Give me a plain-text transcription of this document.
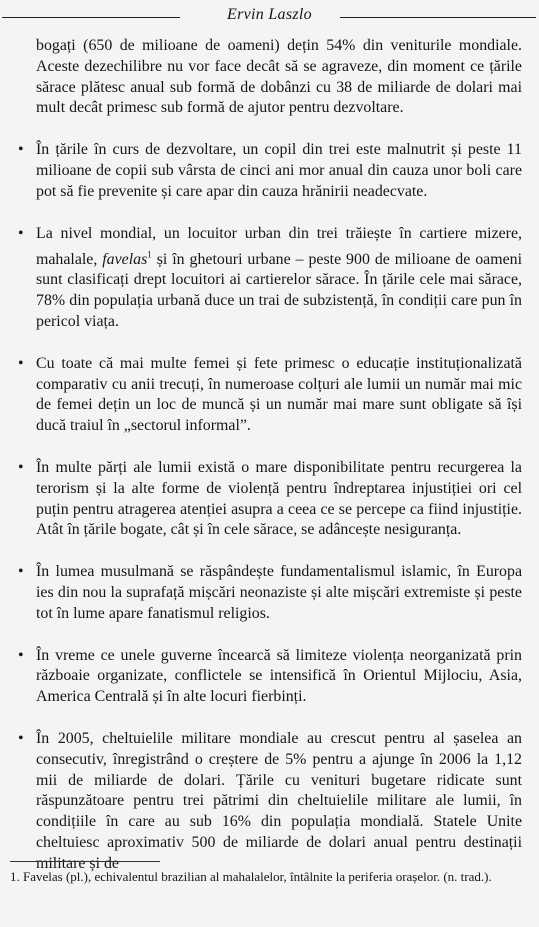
Ervin Laszlo

bogați (650 de milioane de oameni) dețin 54% din veniturile mondiale. Aceste dezechilibre nu vor face decât să se agraveze, din moment ce țările sărace plătesc anual sub formă de dobânzi cu 38 de miliarde de dolari mai mult decât primesc sub formă de ajutor pentru dezvoltare.

• În țările în curs de dezvoltare, un copil din trei este malnutrit și peste 11 milioane de copii sub vârsta de cinci ani mor anual din cauza unor boli care pot să fie prevenite și care apar din cauza hrănirii neadecvate.
• La nivel mondial, un locuitor urban din trei trăiește în cartiere mizere, mahalale, favelas$^1$ și în ghetouri urbane – peste 900 de milioane de oameni sunt clasificați drept locuitori ai cartierelor sărace. În țările cele mai sărace, 78% din populația urbană duce un trai de subzistență, în condiții care pun în pericol viața.
• Cu toate că mai multe femei și fete primesc o educație instituționalizată comparativ cu anii trecuți, în numeroase colțuri ale lumii un număr mai mic de femei dețin un loc de muncă și un număr mai mare sunt obligate să își ducă traiul în „sectorul informal”.
• În multe părți ale lumii există o mare disponibilitate pentru recurgerea la terorism și la alte forme de violență pentru îndreptarea injustiției ori cel puțin pentru atragerea atenției asupra a ceea ce se percepe ca fiind injustiție. Atât în țările bogate, cât și în cele sărace, se adâncește nesiguranța.
• În lumea musulmană se răspândește fundamentalismul islamic, în Europa ies din nou la suprafață mișcări neonaziste și alte mișcări extremiste și peste tot în lume apare fanatismul religios.
• În vreme ce unele guverne încearcă să limiteze violența neorganizată prin războaie organizate, conflictele se intensifică în Orientul Mijlociu, Asia, America Centrală și în alte locuri fierbinți.
• În 2005, cheltuielile militare mondiale au crescut pentru al șaselea an consecutiv, înregistrând o creștere de 5% pentru a ajunge în 2006 la 1,12 mii de miliarde de dolari. Țările cu venituri bugetare ridicate sunt răspunzătoare pentru trei pătrimi din cheltuielile militare ale lumii, în condițiile în care au sub 16% din populația mondială. Statele Unite cheltuiesc aproximativ 500 de miliarde de dolari anual pentru destinații militare și de
1. Favelas (pl.), echivalentul brazilian al mahalalelor, întâlnite la periferia orașelor. (n. trad.).
